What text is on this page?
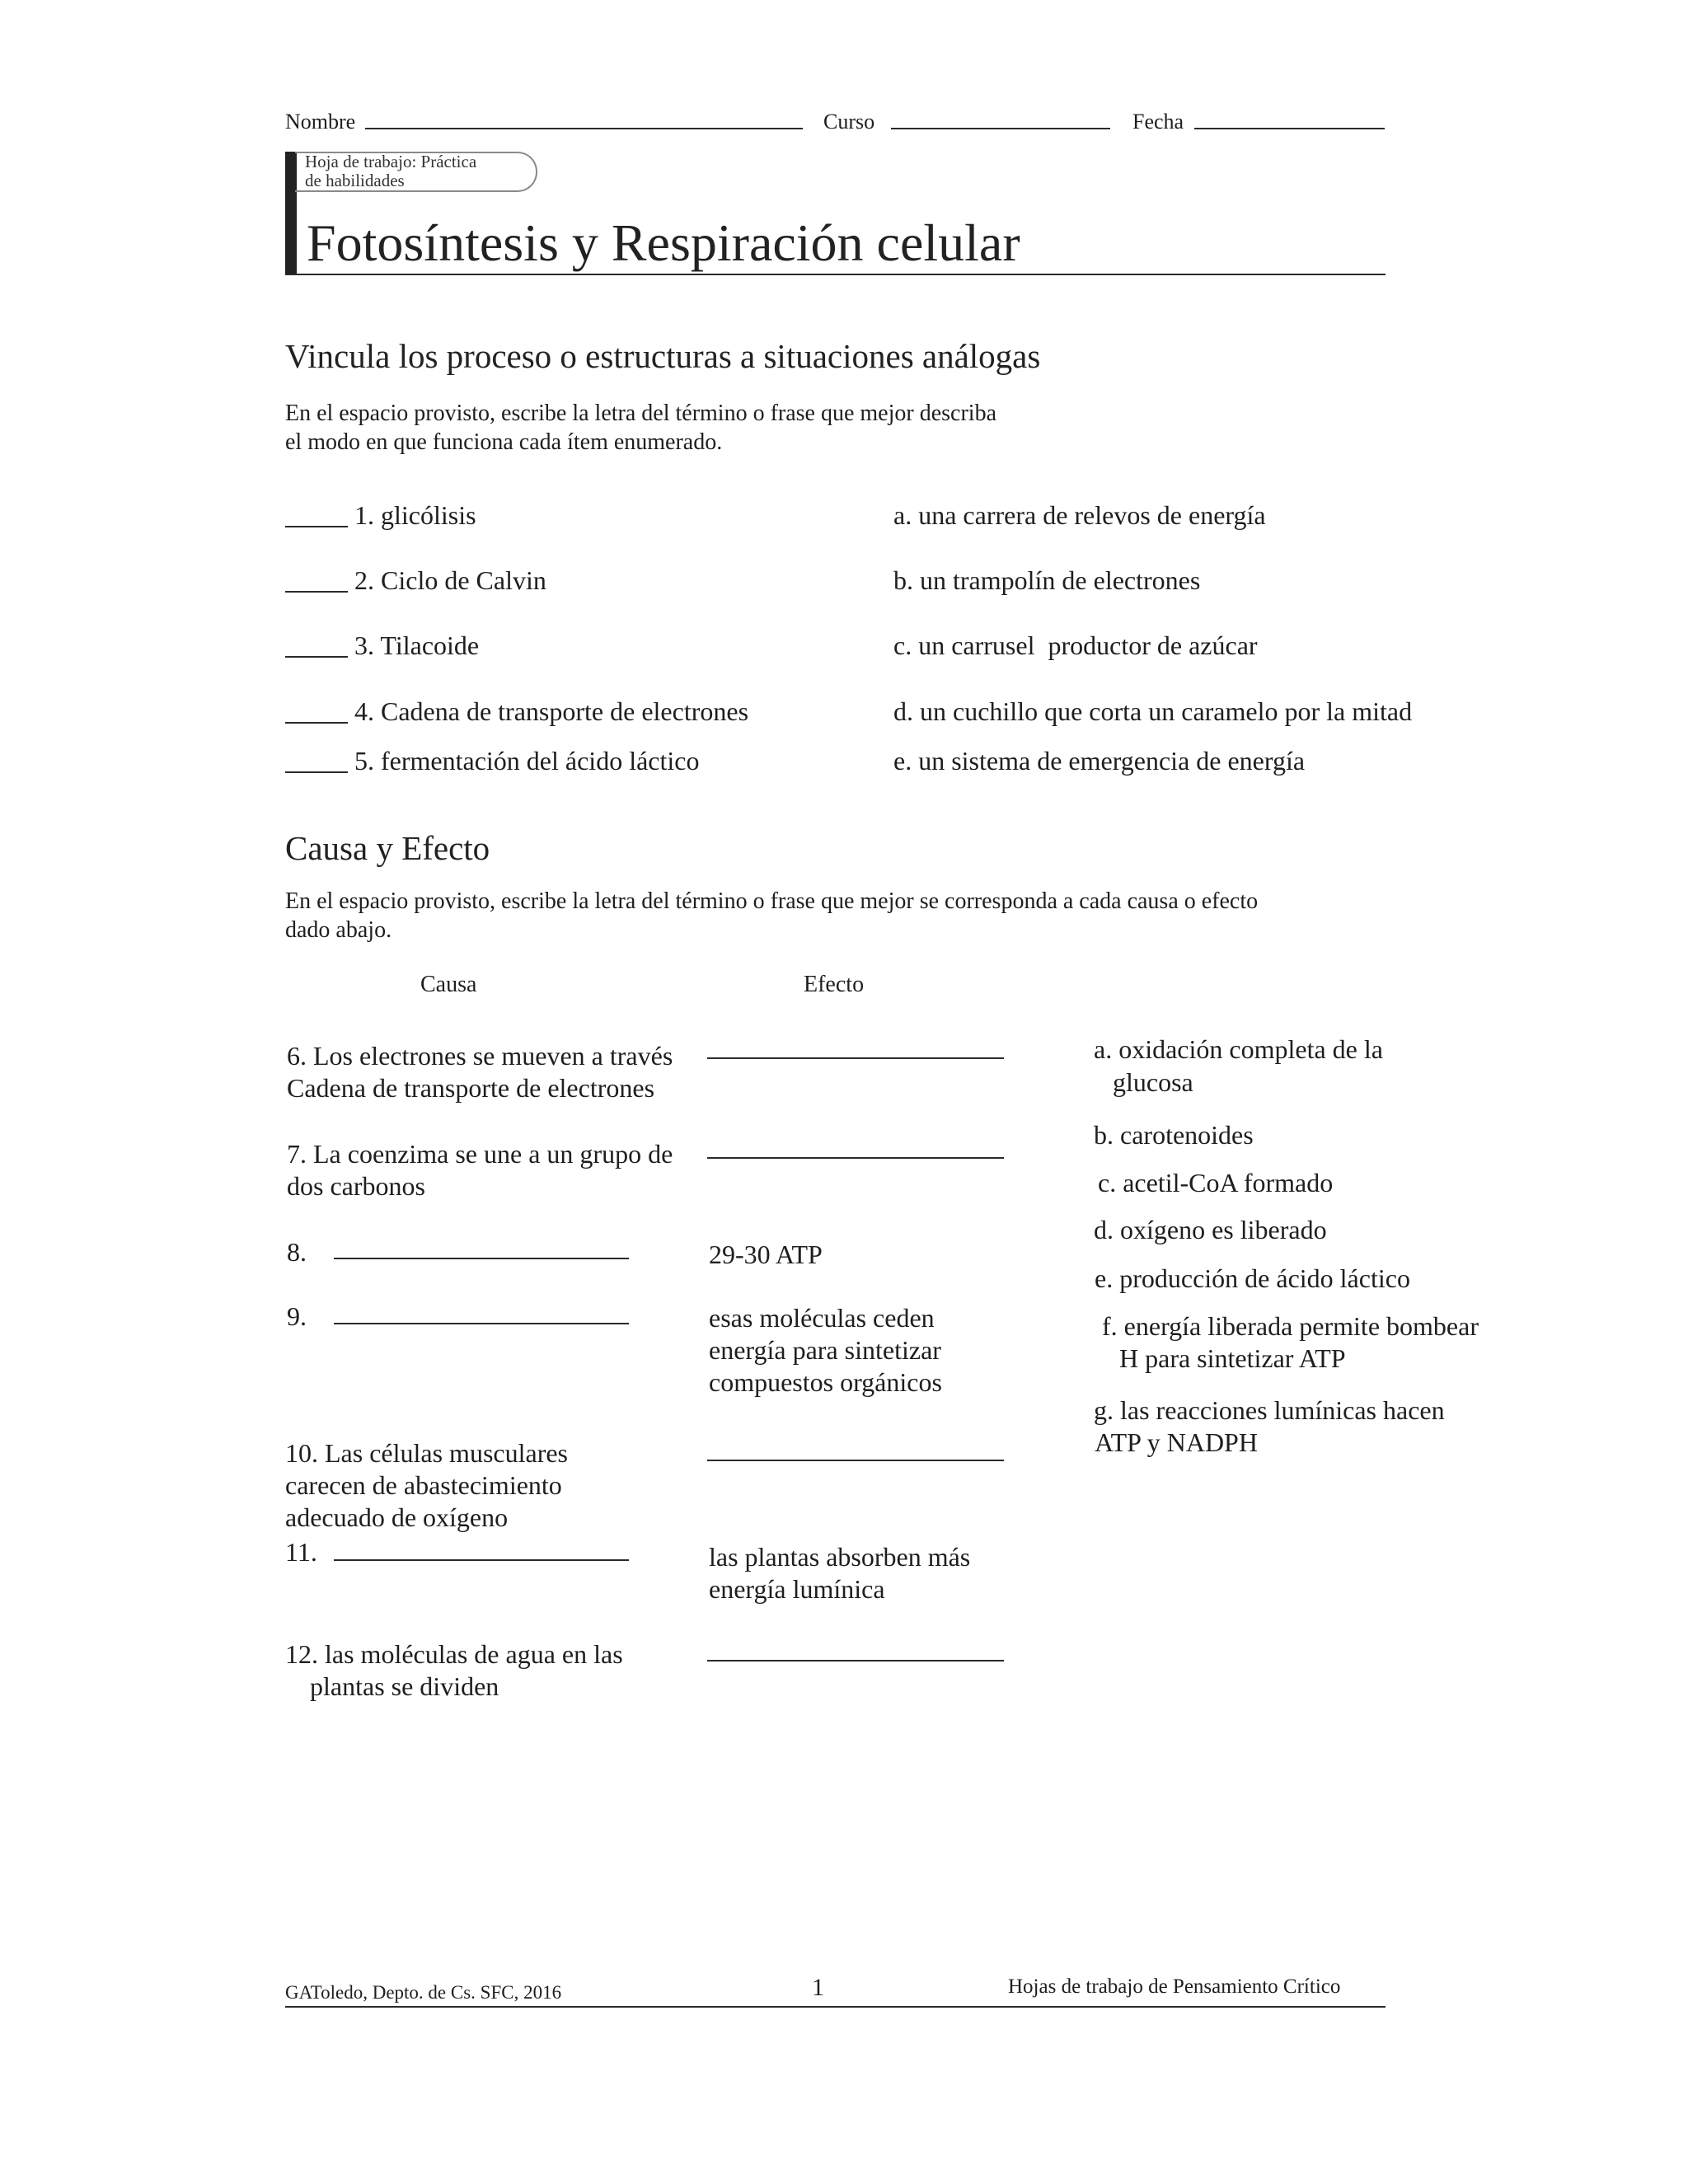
Nombre	Curso	Fecha
Hoja de trabajo: Práctica
de habilidades
Fotosíntesis y Respiración celular
Vincula los proceso o estructuras a situaciones análogas
En el espacio provisto, escribe la letra del término o frase que mejor describa
el modo en que funciona cada ítem enumerado.
1. glicólisis	a. una carrera de relevos de energía
2. Ciclo de Calvin	b. un trampolín de electrones
3. Tilacoide	c. un carrusel  productor de azúcar
4. Cadena de transporte de electrones	d. un cuchillo que corta un caramelo por la mitad
5. fermentación del ácido láctico	e. un sistema de emergencia de energía
Causa y Efecto
En el espacio provisto, escribe la letra del término o frase que mejor se corresponda a cada causa o efecto
dado abajo.
Causa	Efecto
6. Los electrones se mueven a través
Cadena de transporte de electrones
7. La coenzima se une a un grupo de
dos carbonos
8.	29-30 ATP
9.	esas moléculas ceden
energía para sintetizar
compuestos orgánicos
10. Las células musculares
carecen de abastecimiento
adecuado de oxígeno
11.	las plantas absorben más
energía lumínica
12. las moléculas de agua en las
plantas se dividen
a. oxidación completa de la
glucosa
b. carotenoides
c. acetil-CoA formado
d. oxígeno es liberado
e. producción de ácido láctico
f. energía liberada permite bombear
H para sintetizar ATP
g. las reacciones lumínicas hacen
ATP y NADPH
GAToledo, Depto. de Cs. SFC, 2016	1	Hojas de trabajo de Pensamiento Crítico
